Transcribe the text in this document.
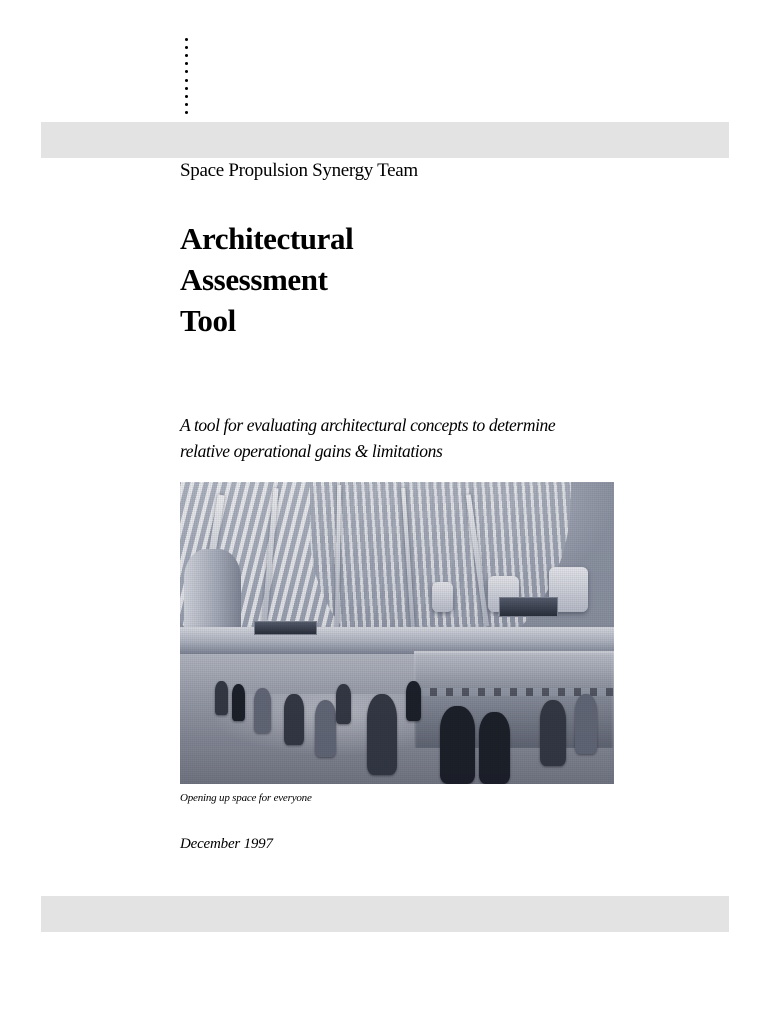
Space Propulsion Synergy Team

Architectural
Assessment
Tool
A tool for evaluating architectural concepts to determine
relative operational gains & limitations
Opening up space for everyone
December 1997
